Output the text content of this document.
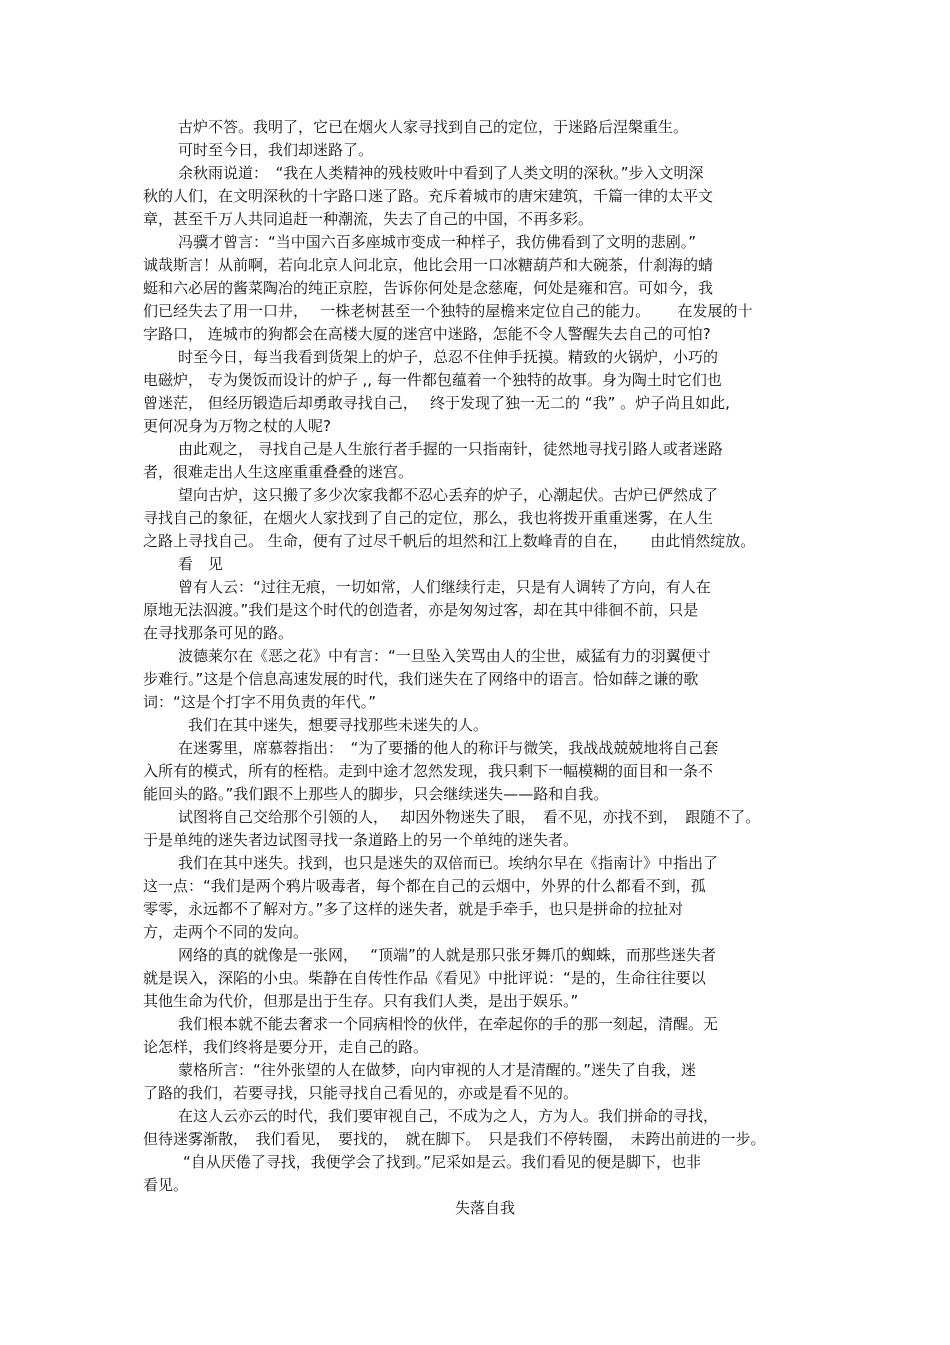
古炉不答。我明了，它已在烟火人家寻找到自己的定位，于迷路后涅槃重生。
可时至今日，我们却迷路了。
余秋雨说道：　“我在人类精神的残枝败叶中看到了人类文明的深秋。”步入文明深
秋的人们，在文明深秋的十字路口迷了路。充斥着城市的唐宋建筑，千篇一律的太平文
章，甚至千万人共同追赶一种潮流，失去了自己的中国，不再多彩。
冯骥才曾言：“当中国六百多座城市变成一种样子，我仿佛看到了文明的悲剧。”
诚哉斯言！从前啊，若向北京人问北京，他比会用一口冰糖葫芦和大碗茶，什刹海的蜻
蜓和六必居的酱菜陶冶的纯正京腔，告诉你何处是念慈庵，何处是雍和宫。可如今，我
们已经失去了用一口井，　 一株老树甚至一个独特的屋檐来定位自己的能力。　　 在发展的十
字路口， 连城市的狗都会在高楼大厦的迷宫中迷路，怎能不令人警醒失去自己的可怕?
时至今日，每当我看到货架上的炉子，总忍不住伸手抚摸。精致的火锅炉，小巧的
电磁炉， 专为煲饭而设计的炉子 ,, 每一件都包蕴着一个独特的故事。身为陶土时它们也
曾迷茫， 但经历锻造后却勇敢寻找自己，　 终于发现了独一无二的 “我” 。炉子尚且如此,
更何况身为万物之杖的人呢?
由此观之， 寻找自己是人生旅行者手握的一只指南针，徒然地寻找引路人或者迷路
者，很难走出人生这座重重叠叠的迷宫。
望向古炉，这只搬了多少次家我都不忍心丢弃的炉子，心潮起伏。古炉已俨然成了
寻找自己的象征，在烟火人家找到了自己的定位，那么，我也将拨开重重迷雾，在人生
之路上寻找自己。 生命，便有了过尽千帆后的坦然和江上数峰青的自在，　　由此悄然绽放。
看　见
曾有人云：“过往无痕，一切如常，人们继续行走，只是有人调转了方向，有人在
原地无法泅渡。”我们是这个时代的创造者，亦是匆匆过客，却在其中徘徊不前，只是
在寻找那条可见的路。
波德莱尔在《恶之花》中有言：“一旦坠入笑骂由人的尘世，威猛有力的羽翼便寸
步难行。”这是个信息高速发展的时代，我们迷失在了网络中的语言。恰如薛之谦的歌
词：“这是个打字不用负责的年代。”
我们在其中迷失，想要寻找那些未迷失的人。
在迷雾里，席慕蓉指出：　“为了要播的他人的称讦与微笑，我战战兢兢地将自己套
入所有的模式，所有的桎梏。走到中途才忽然发现，我只剩下一幅模糊的面目和一条不
能回头的路。”我们跟不上那些人的脚步，只会继续迷失——路和自我。
试图将自己交给那个引领的人，　 却因外物迷失了眼，　看不见，亦找不到，　跟随不了。
于是单纯的迷失者边试图寻找一条道路上的另一个单纯的迷失者。
我们在其中迷失。找到，也只是迷失的双倍而已。埃纳尔早在《指南计》中指出了
这一点：“我们是两个鸦片吸毒者，每个都在自己的云烟中，外界的什么都看不到，孤
零零，永远都不了解对方。”多了这样的迷失者，就是手牵手，也只是拼命的拉扯对
方，走两个不同的发向。
网络的真的就像是一张网，　 “顶端”的人就是那只张牙舞爪的蜘蛛，而那些迷失者
就是误入，深陷的小虫。柴静在自传性作品《看见》中批评说：“是的，生命往往要以
其他生命为代价，但那是出于生存。只有我们人类，是出于娱乐。”
我们根本就不能去奢求一个同病相怜的伙伴，在牵起你的手的那一刻起，清醒。无
论怎样，我们终将是要分开，走自己的路。
蒙格所言：“往外张望的人在做梦，向内审视的人才是清醒的。”迷失了自我，迷
了路的我们，若要寻找，只能寻找自己看见的，亦或是看不见的。
在这人云亦云的时代，我们要审视自己，不成为之人，方为人。我们拼命的寻找，
但待迷雾渐散，　我们看见，　要找的，　就在脚下。　只是我们不停转圈，　未跨出前进的一步。
“自从厌倦了寻找，我便学会了找到。”尼采如是云。我们看见的便是脚下，也非
看见。
失落自我
